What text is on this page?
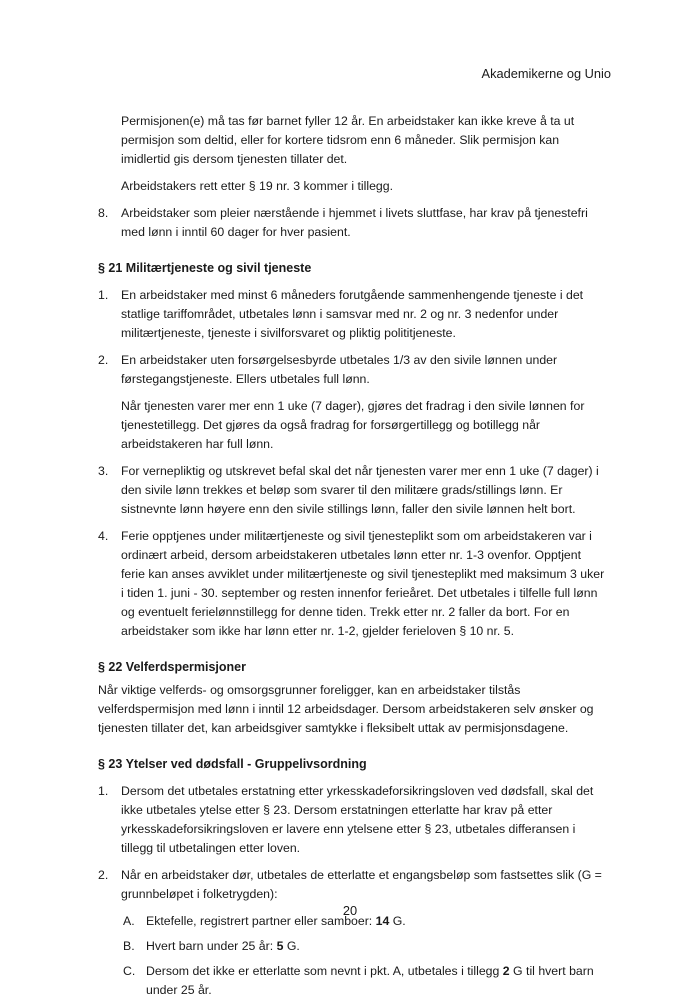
Akademikerne og Unio

Permisjonen(e) må tas før barnet fyller 12 år. En arbeidstaker kan ikke kreve å ta ut permisjon som deltid, eller for kortere tidsrom enn 6 måneder. Slik permisjon kan imidlertid gis dersom tjenesten tillater det.

Arbeidstakers rett etter § 19 nr. 3 kommer i tillegg.

8. Arbeidstaker som pleier nærstående i hjemmet i livets sluttfase, har krav på tjenestefri med lønn i inntil 60 dager for hver pasient.

§ 21 Militærtjeneste og sivil tjeneste
1. En arbeidstaker med minst 6 måneders forutgående sammenhengende tjeneste i det statlige tariffområdet, utbetales lønn i samsvar med nr. 2 og nr. 3 nedenfor under militærtjeneste, tjeneste i sivilforsvaret og pliktig polititjeneste.

2. En arbeidstaker uten forsørgelsesbyrde utbetales 1/3 av den sivile lønnen under førstegangstjeneste. Ellers utbetales full lønn.

Når tjenesten varer mer enn 1 uke (7 dager), gjøres det fradrag i den sivile lønnen for tjenestetillegg. Det gjøres da også fradrag for forsørgertillegg og botillegg når arbeidstakeren har full lønn.

3. For vernepliktig og utskrevet befal skal det når tjenesten varer mer enn 1 uke (7 dager) i den sivile lønn trekkes et beløp som svarer til den militære grads/stillings lønn. Er sistnevnte lønn høyere enn den sivile stillings lønn, faller den sivile lønnen helt bort.

4. Ferie opptjenes under militærtjeneste og sivil tjenesteplikt som om arbeidstakeren var i ordinært arbeid, dersom arbeidstakeren utbetales lønn etter nr. 1-3 ovenfor. Opptjent ferie kan anses avviklet under militærtjeneste og sivil tjenesteplikt med maksimum 3 uker i tiden 1. juni - 30. september og resten innenfor ferieåret. Det utbetales i tilfelle full lønn og eventuelt ferielønnstillegg for denne tiden. Trekk etter nr. 2 faller da bort. For en arbeidstaker som ikke har lønn etter nr. 1-2, gjelder ferieloven § 10 nr. 5.

§ 22 Velferdspermisjoner

Når viktige velferds- og omsorgsgrunner foreligger, kan en arbeidstaker tilstås velferdspermisjon med lønn i inntil 12 arbeidsdager. Dersom arbeidstakeren selv ønsker og tjenesten tillater det, kan arbeidsgiver samtykke i fleksibelt uttak av permisjonsdagene.

§ 23 Ytelser ved dødsfall - Gruppelivsordning
1. Dersom det utbetales erstatning etter yrkesskadeforsikringsloven ved dødsfall, skal det ikke utbetales ytelse etter § 23. Dersom erstatningen etterlatte har krav på etter yrkesskadeforsikringsloven er lavere enn ytelsene etter § 23, utbetales differansen i tillegg til utbetalingen etter loven.

2. Når en arbeidstaker dør, utbetales de etterlatte et engangsbeløp som fastsettes slik (G = grunnbeløpet i folketrygden):

A. Ektefelle, registrert partner eller samboer: 14 G.

B. Hvert barn under 25 år: 5 G.

C. Dersom det ikke er etterlatte som nevnt i pkt. A, utbetales i tillegg 2 G til hvert barn under 25 år.

20
